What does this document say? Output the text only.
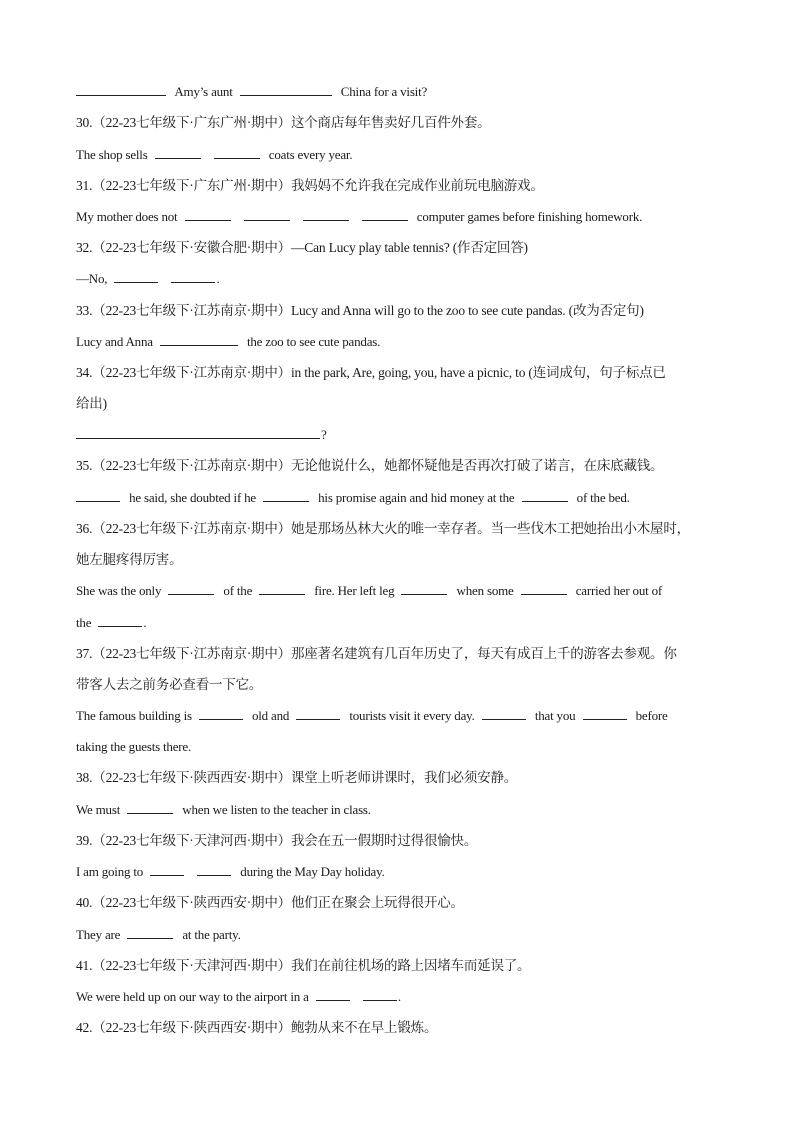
Amy’s aunt	China for a visit?
30.（22-23七年级下·广东广州·期中）这个商店每年售卖好几百件外套。
The shop sells	coats every year.
31.（22-23七年级下·广东广州·期中）我妈妈不允许我在完成作业前玩电脑游戏。
My mother does not	computer games before finishing homework.
32.（22-23七年级下·安徽合肥·期中）—Can Lucy play table tennis? (作否定回答)
—No,	.
33.（22-23七年级下·江苏南京·期中）Lucy and Anna will go to the zoo to see cute pandas. (改为否定句)
Lucy and Anna	the zoo to see cute pandas.
34.（22-23七年级下·江苏南京·期中）in the park, Are, going, you, have a picnic, to (连词成句，句子标点已
给出)
?
35.（22-23七年级下·江苏南京·期中）无论他说什么，她都怀疑他是否再次打破了诺言，在床底藏钱。
he said, she doubted if he	his promise again and hid money at the	of the bed.
36.（22-23七年级下·江苏南京·期中）她是那场丛林大火的唯一幸存者。当一些伐木工把她抬出小木屋时，
她左腿疼得厉害。
She was the only	of the	fire. Her left leg	when some	carried her out of
the	.
37.（22-23七年级下·江苏南京·期中）那座著名建筑有几百年历史了，每天有成百上千的游客去参观。你
带客人去之前务必查看一下它。
The famous building is	old and	tourists visit it every day.	that you	before
taking the guests there.
38.（22-23七年级下·陕西西安·期中）课堂上听老师讲课时，我们必须安静。
We must	when we listen to the teacher in class.
39.（22-23七年级下·天津河西·期中）我会在五一假期时过得很愉快。
I am going to	during the May Day holiday.
40.（22-23七年级下·陕西西安·期中）他们正在聚会上玩得很开心。
They are	at the party.
41.（22-23七年级下·天津河西·期中）我们在前往机场的路上因堵车而延误了。
We were held up on our way to the airport in a	.
42.（22-23七年级下·陕西西安·期中）鲍勃从来不在早上锻炼。
